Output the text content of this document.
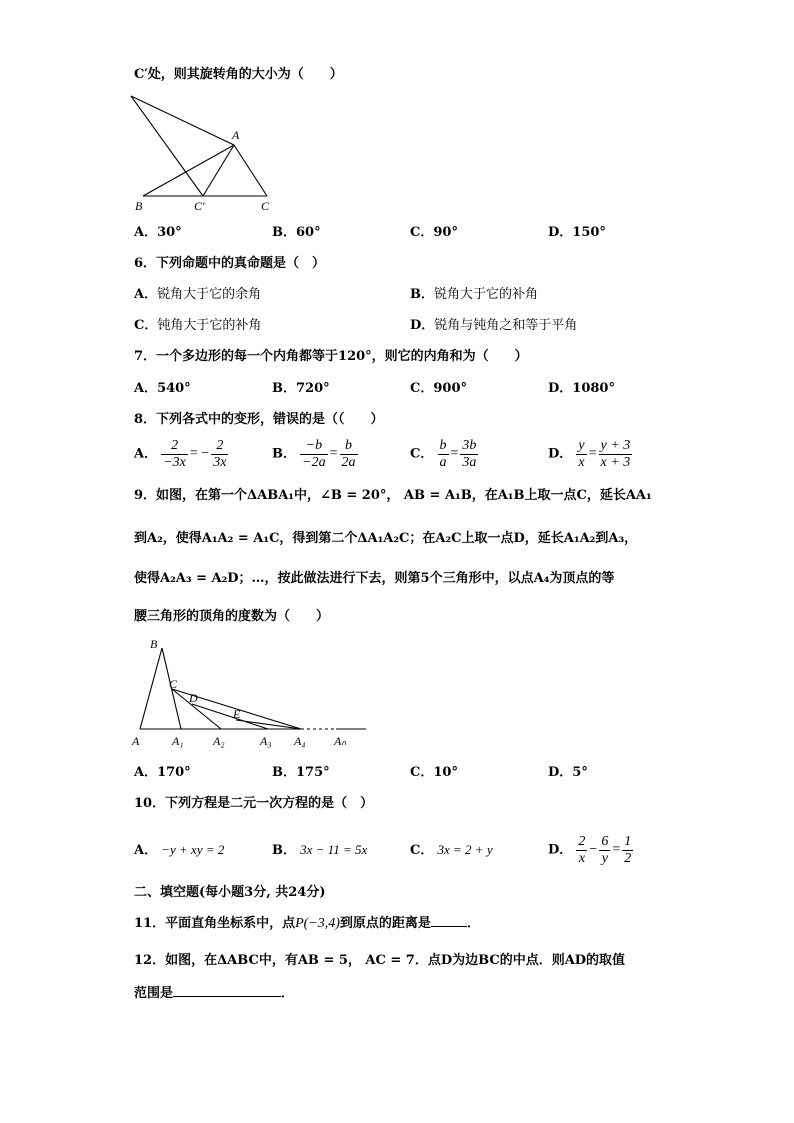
C′处，则其旋转角的大小为（　　）
A
B	C′	C
A．30°	B．60°	C．90°	D．150°
6．下列命题中的真命题是（　）
A．锐角大于它的余角	B．锐角大于它的补角
C．钝角大于它的补角	D．锐角与钝角之和等于平角
7．一个多边形的每一个内角都等于120°，则它的内角和为（　　）
A．540°	B．720°	C．900°	D．1080°
8．下列各式中的变形，错误的是（（　　）
A． $\frac{2}{-3x}$ = − $\frac{2}{3x}$	B． $\frac{-b}{-2a} = \frac{b}{2a}$	C． $\frac{b}{a} = \frac{3b}{3a}$	D． $\frac{y}{x} = \frac{y + 3}{x + 3}$
9．如图，在第一个ΔABA₁中，∠B = 20°， AB = A₁B，在A₁B上取一点C，延长AA₁
到A₂，使得A₁A₂ = A₁C，得到第二个ΔA₁A₂C；在A₂C上取一点D，延长A₁A₂到A₃，
使得A₂A₃ = A₂D；…，按此做法进行下去，则第5个三角形中，以点A₄为顶点的等
腰三角形的顶角的度数为（　　）
B
C
D
E
A	A₁ A₂	A₃ A₄ Aₙ
A．170°	B．175°	C．10°	D．5°
10．下列方程是二元一次方程的是（　）
A． −y + xy = 2	B． 3x − 11 = 5x	C． 3x = 2 + y	D． $\frac{2}{x} - \frac{6}{y} = \frac{1}{2}$
二、填空题(每小题3分, 共24分)
11．平面直角坐标系中，点P(−3,4)到原点的距离是	．
12．如图，在ΔABC中，有AB = 5， AC = 7．点D为边BC的中点．则AD的取值
范围是	．
